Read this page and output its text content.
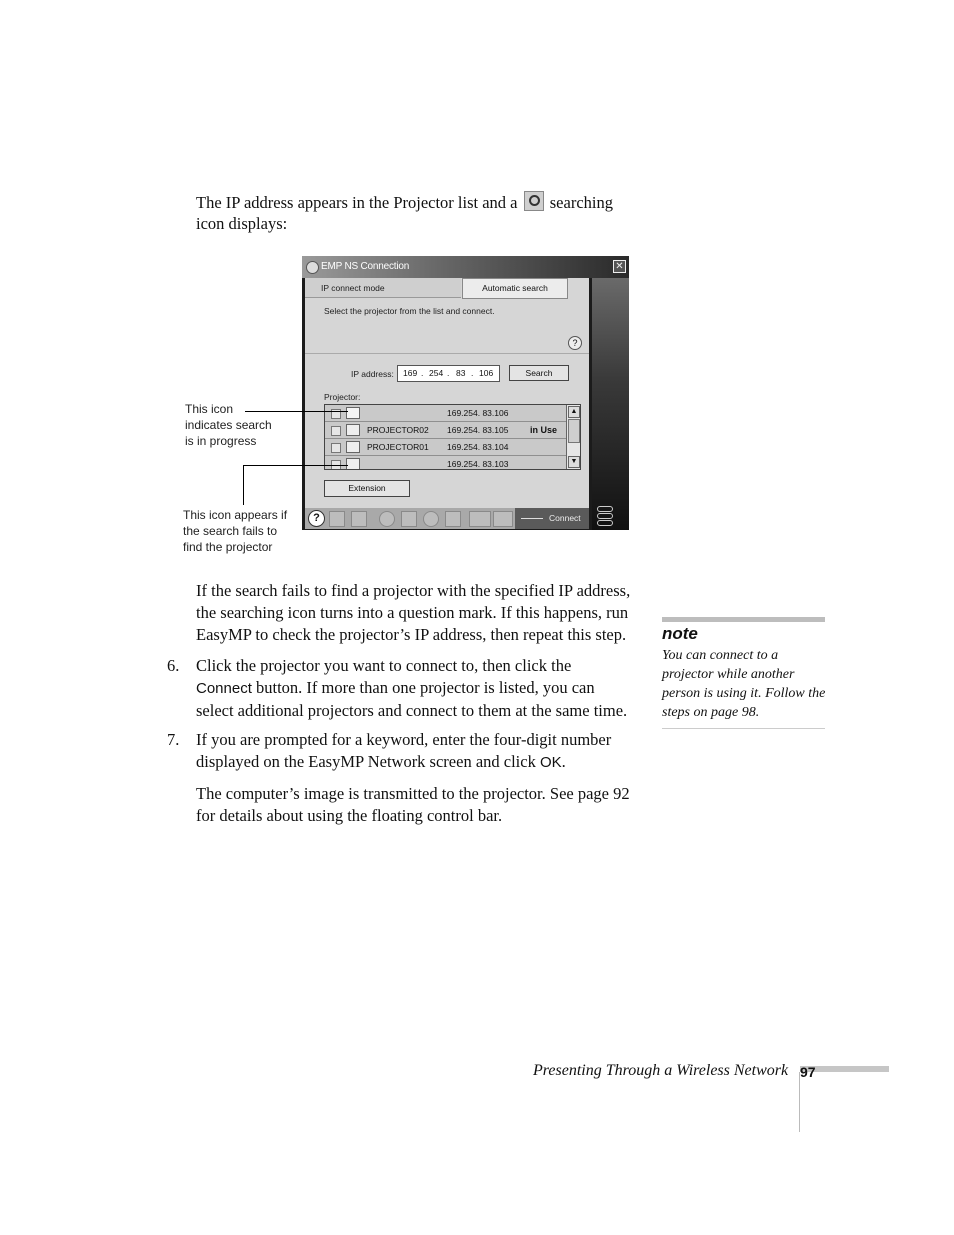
The IP address appears in the Projector list and a searching
icon displays:
EMP NS Connection	✕
IP connect mode	Automatic search
Select the projector from the list and connect.
?
IP address: 169 . 254 . 83 . 106	Search
Projector:
169.254. 83.106
PROJECTOR02 169.254. 83.105 in Use
PROJECTOR01 169.254. 83.104
169.254. 83.103
▲
▼
Extension
?	Connect
This icon
indicates search
is in progress
This icon appears if
the search fails to
find the projector
If the search fails to find a projector with the specified IP address,
the searching icon turns into a question mark. If this happens, run
EasyMP to check the projector’s IP address, then repeat this step.
6. Click the projector you want to connect to, then click the
Connect button. If more than one projector is listed, you can
select additional projectors and connect to them at the same time.
7. If you are prompted for a keyword, enter the four-digit number
displayed on the EasyMP Network screen and click OK.
The computer’s image is transmitted to the projector. See page 92
for details about using the floating control bar.
note
You can connect to a
projector while another
person is using it. Follow the
steps on page 98.
Presenting Through a Wireless Network 97
